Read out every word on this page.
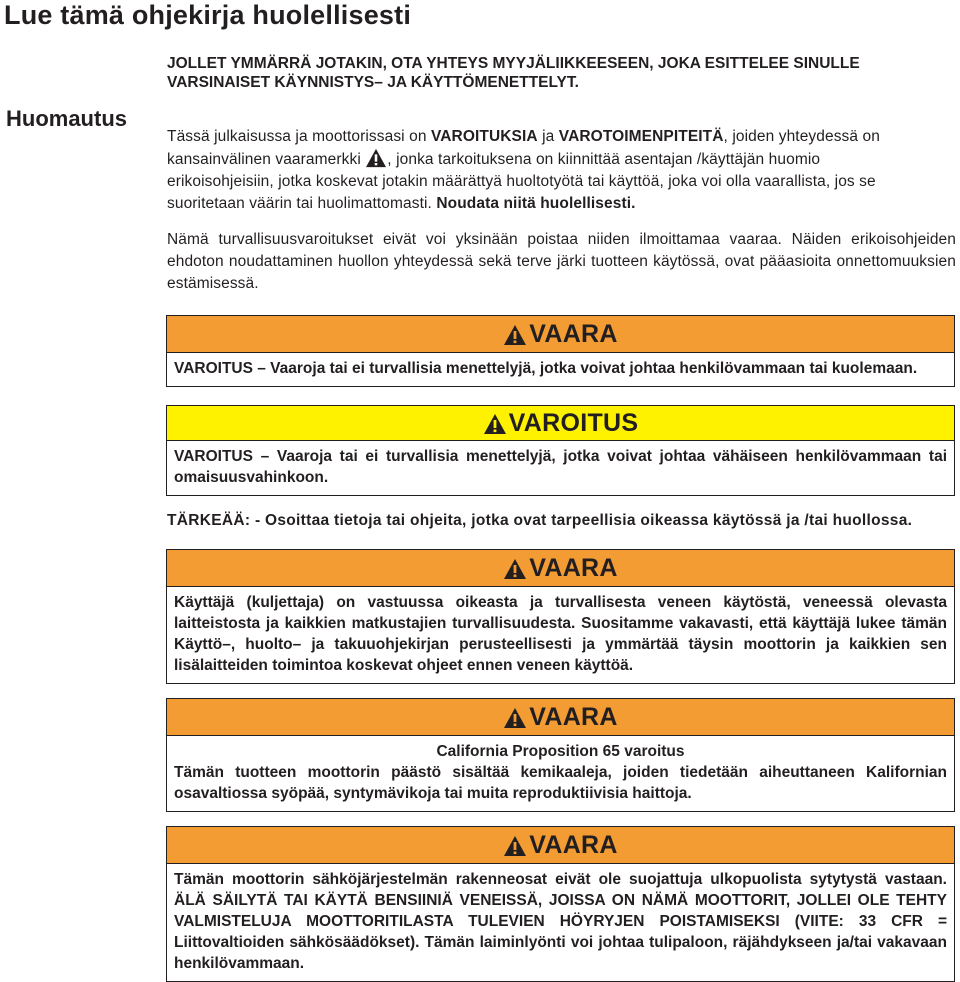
Lue tämä ohjekirja huolellisesti
Huomautus

JOLLET YMMÄRRÄ JOTAKIN, OTA YHTEYS MYYJÄLIIKKEESEEN, JOKA ESITTELEE SINULLE VARSINAISET KÄYNNISTYS– JA KÄYTTÖMENETTELYT.

Tässä julkaisussa ja moottorissasi on VAROITUKSIA ja VAROTOIMENPITEITÄ, joiden yhteydessä on kansainvälinen vaaramerkki , jonka tarkoituksena on kiinnittää asentajan /käyttäjän huomio

erikoisohjeisiin, jotka koskevat jotakin määrättyä huoltotyötä tai käyttöä, joka voi olla vaarallista, jos se suoritetaan väärin tai huolimattomasti. Noudata niitä huolellisesti.

Nämä turvallisuusvaroitukset eivät voi yksinään poistaa niiden ilmoittamaa vaaraa. Näiden erikoisohjeiden ehdoton noudattaminen huollon yhteydessä sekä terve järki tuotteen käytössä, ovat pääasioita onnettomuuksien estämisessä.

VAARA
VAROITUS – Vaaroja tai ei turvallisia menettelyjä, jotka voivat johtaa henkilövammaan tai kuolemaan.
VAROITUS
VAROITUS – Vaaroja tai ei turvallisia menettelyjä, jotka voivat johtaa vähäiseen henkilövammaan tai omaisuusvahinkoon.

TÄRKEÄÄ: - Osoittaa tietoja tai ohjeita, jotka ovat tarpeellisia oikeassa käytössä ja /tai huollossa.

VAARA
Käyttäjä (kuljettaja) on vastuussa oikeasta ja turvallisesta veneen käytöstä, veneessä olevasta laitteistosta ja kaikkien matkustajien turvallisuudesta. Suositamme vakavasti, että käyttäjä lukee tämän Käyttö–, huolto– ja takuuohjekirjan perusteellisesti ja ymmärtää täysin moottorin ja kaikkien sen lisälaitteiden toimintoa koskevat ohjeet ennen veneen käyttöä.
VAARA
California Proposition 65 varoitus
Tämän tuotteen moottorin päästö sisältää kemikaaleja, joiden tiedetään aiheuttaneen Kalifornian osavaltiossa syöpää, syntymävikoja tai muita reproduktiivisia haittoja.
VAARA
Tämän moottorin sähköjärjestelmän rakenneosat eivät ole suojattuja ulkopuolista sytytystä vastaan. ÄLÄ SÄILYTÄ TAI KÄYTÄ BENSIINIÄ VENEISSÄ, JOISSA ON NÄMÄ MOOTTORIT, JOLLEI OLE TEHTY VALMISTELUJA MOOTTORITILASTA TULEVIEN HÖYRYJEN POISTAMISEKSI (VIITE: 33 CFR = Liittovaltioiden sähkösäädökset). Tämän laiminlyönti voi johtaa tulipaloon, räjähdykseen ja/tai vakavaan henkilövammaan.
